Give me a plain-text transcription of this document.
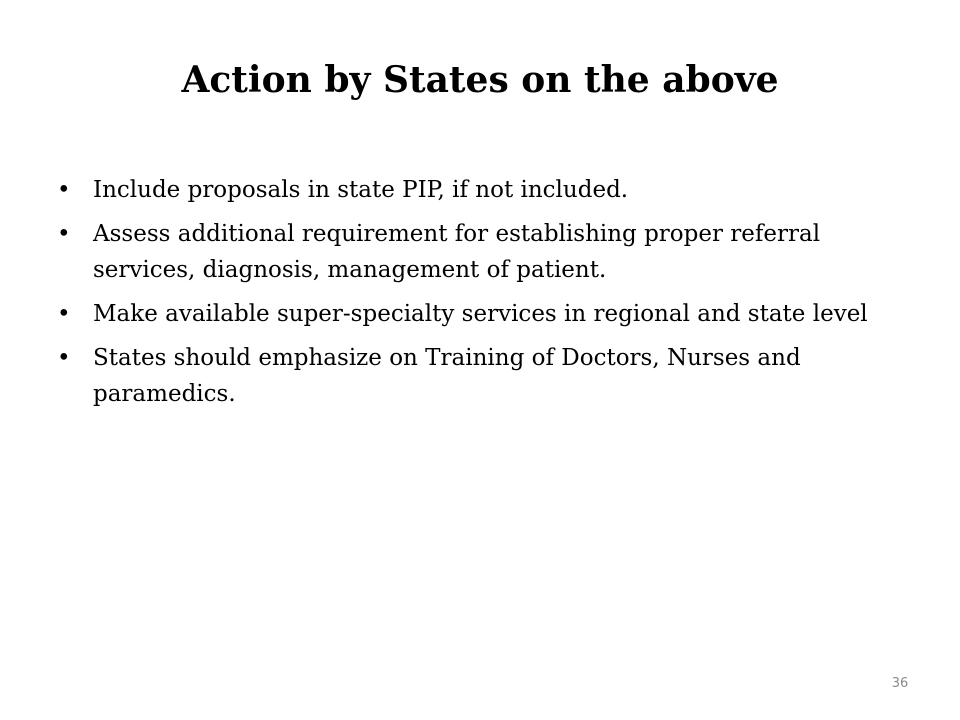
Action by States on the above
• Include proposals in state PIP, if not included.
• Assess additional requirement for establishing proper referral services, diagnosis, management of patient.
• Make available super-specialty services in regional and state level
• States should emphasize on Training of Doctors, Nurses and paramedics.
36
